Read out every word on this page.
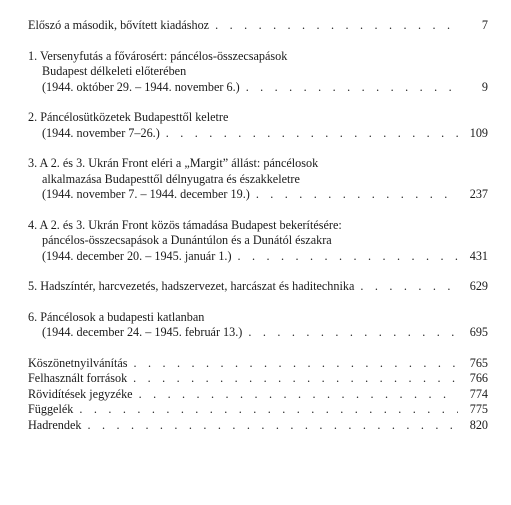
Előszó a második, bővített kiadáshoz . . .	7
1. Versenyfutás a fővárosért: páncélos-összecsapások
Budapest délkeleti előterében
(1944. október 29. – 1944. november 6.) . . .	9
2. Páncélosütközetek Budapesttől keletre
(1944. november 7–26.) . . .	109
3. A 2. és 3. Ukrán Front eléri a „Margit” állást: páncélosok
alkalmazása Budapesttől délnyugatra és északkeletre
(1944. november 7. – 1944. december 19.) . . .	237
4. A 2. és 3. Ukrán Front közös támadása Budapest bekerítésére:
páncélos-összecsapások a Dunántúlon és a Dunától északra
(1944. december 20. – 1945. január 1.) . . .	431
5. Hadszíntér, harcvezetés, hadszervezet, harcászat és haditechnika . . .	629
6. Páncélosok a budapesti katlanban
(1944. december 24. – 1945. február 13.) . . .	695
Köszönetnyilvánítás . . .	765
Felhasznált források . . .	766
Rövidítések jegyzéke . . .	774
Függelék . . .	775
Hadrendek . . .	820
